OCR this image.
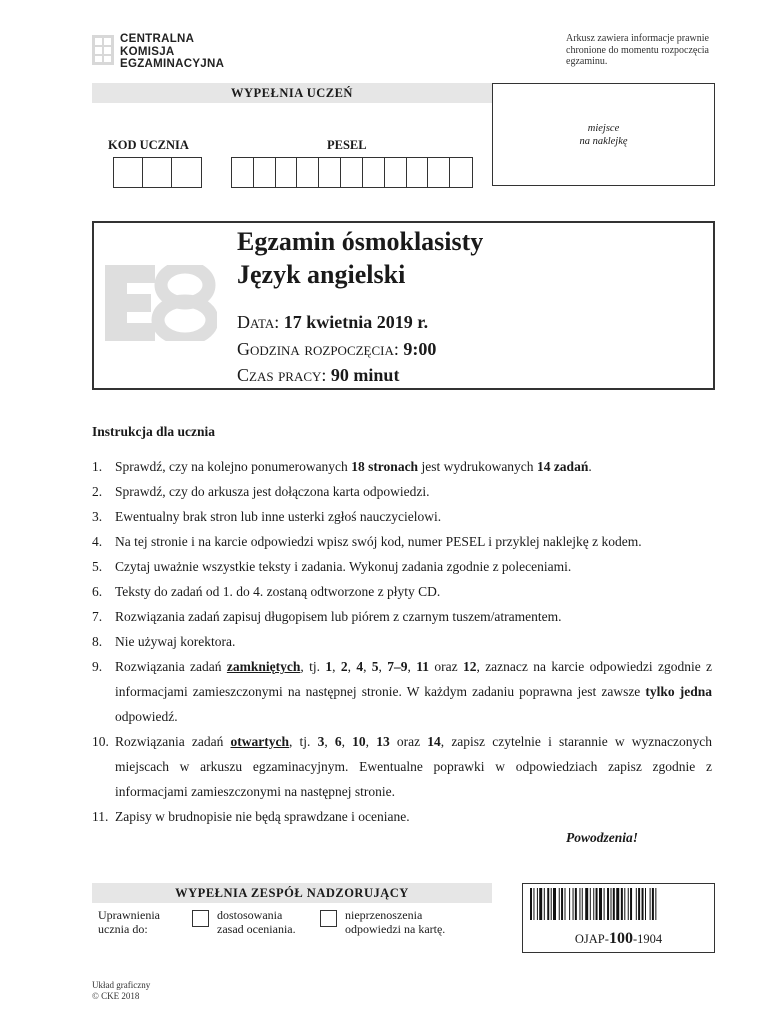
CENTRALNA
KOMISJA
EGZAMINACYJNA
Arkusz zawiera informacje prawnie chronione do momentu rozpoczęcia egzaminu.
WYPEŁNIA UCZEŃ
miejsce
na naklejkę
KOD UCZNIA	PESEL
Egzamin ósmoklasisty
Język angielski
Data: 17 kwietnia 2019 r.
Godzina rozpoczęcia: 9:00
Czas pracy: 90 minut
Instrukcja dla ucznia
1. Sprawdź, czy na kolejno ponumerowanych 18 stronach jest wydrukowanych 14 zadań.
2. Sprawdź, czy do arkusza jest dołączona karta odpowiedzi.
3. Ewentualny brak stron lub inne usterki zgłoś nauczycielowi.
4. Na tej stronie i na karcie odpowiedzi wpisz swój kod, numer PESEL i przyklej naklejkę z kodem.
5. Czytaj uważnie wszystkie teksty i zadania. Wykonuj zadania zgodnie z poleceniami.
6. Teksty do zadań od 1. do 4. zostaną odtworzone z płyty CD.
7. Rozwiązania zadań zapisuj długopisem lub piórem z czarnym tuszem/atramentem.
8. Nie używaj korektora.
9. Rozwiązania zadań zamkniętych, tj. 1, 2, 4, 5, 7–9, 11 oraz 12, zaznacz na karcie odpowiedzi zgodnie z informacjami zamieszczonymi na następnej stronie. W każdym zadaniu poprawna jest zawsze tylko jedna odpowiedź.
10. Rozwiązania zadań otwartych, tj. 3, 6, 10, 13 oraz 14, zapisz czytelnie i starannie w wyznaczonych miejscach w arkuszu egzaminacyjnym. Ewentualne poprawki w odpowiedziach zapisz zgodnie z informacjami zamieszczonymi na następnej stronie.
11. Zapisy w brudnopisie nie będą sprawdzane i oceniane.
Powodzenia!
WYPEŁNIA ZESPÓŁ NADZORUJĄCY
Uprawnienia
ucznia do:
dostosowania
zasad oceniania.
nieprzenoszenia
odpowiedzi na kartę.
OJAP-100-1904
Układ graficzny
© CKE 2018
